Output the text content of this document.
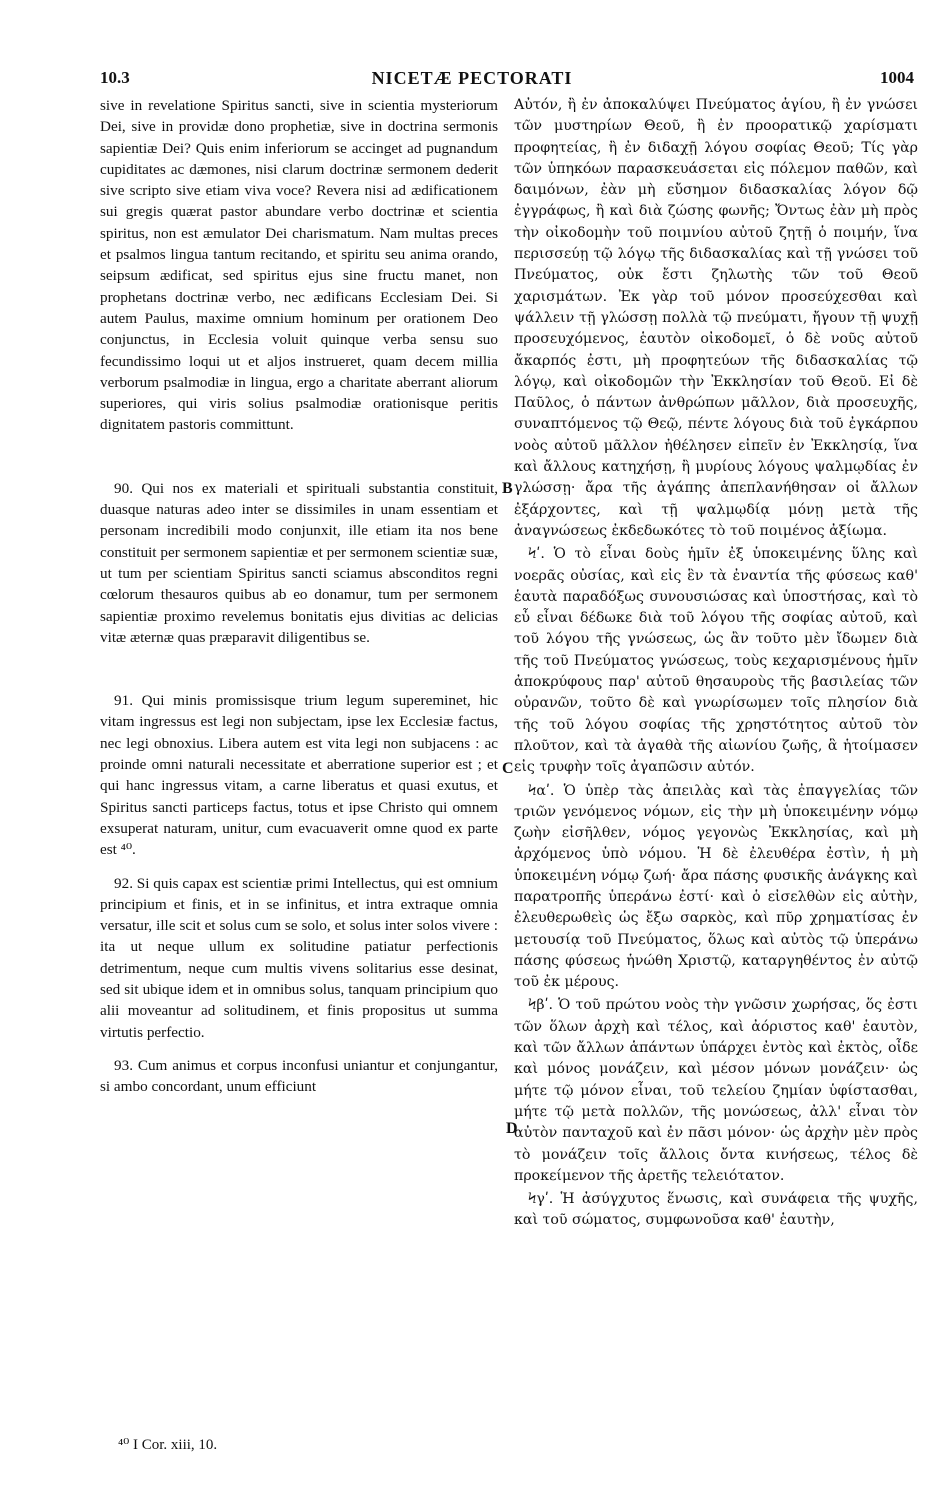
10.3	NICETÆ PECTORATI	1004

sive in revelatione Spiritus sancti, sive in scientia mysteriorum Dei, sive in providæ dono prophetiæ, sive in doctrina sermonis sapientiæ Dei? Quis enim inferiorum se accinget ad pugnandum cupiditates ac dæmones, nisi clarum doctrinæ sermonem dederit sive scripto sive etiam viva voce? Revera nisi ad ædificationem sui gregis quærat pastor abundare verbo doctrinæ et scientia spiritus, non est æmulator Dei charismatum. Nam multas preces et psalmos lingua tantum recitando, et spiritu seu anima orando, seipsum ædificat, sed spiritus ejus sine fructu manet, non prophetans doctrinæ verbo, nec ædificans Ecclesiam Dei. Si autem Paulus, maxime omnium hominum per orationem Deo conjunctus, in Ecclesia voluit quinque verba sensu suo fecundissimo loqui ut et aljos instrueret, quam decem millia verborum psalmodiæ in lingua, ergo a charitate aberrant aliorum superiores, qui viris solius psalmodiæ orationisque peritis dignitatem pastoris committunt.

90. Qui nos ex materiali et spirituali substantia constituit, duasque naturas adeo inter se dissimiles in unam essentiam et personam incredibili modo conjunxit, ille etiam ita nos bene constituit per sermonem sapientiæ et per sermonem scientiæ suæ, ut tum per scientiam Spiritus sancti sciamus absconditos regni cœlorum thesauros quibus ab eo donamur, tum per sermonem sapientiæ proximo revelemus bonitatis ejus divitias ac delicias vitæ æternæ quas præparavit diligentibus se.

91. Qui minis promissisque trium legum supereminet, hic vitam ingressus est legi non subjectam, ipse lex Ecclesiæ factus, nec legi obnoxius. Libera autem est vita legi non subjacens : ac proinde omni naturali necessitate et aberratione superior est ; et qui hanc ingressus vitam, a carne liberatus et quasi exutus, et Spiritus sancti particeps factus, totus et ipse Christo qui omnem exsuperat naturam, unitur, cum evacuaverit omne quod ex parte est ⁴⁰.

92. Si quis capax est scientiæ primi Intellectus, qui est omnium principium et finis, et in se infinitus, et intra extraque omnia versatur, ille scit et solus cum se solo, et solus inter solos vivere : ita ut neque ullum ex solitudine patiatur perfectionis detrimentum, neque cum multis vivens solitarius esse desinat, sed sit ubique idem et in omnibus solus, tanquam principium quo alii moveantur ad solitudinem, et finis propositus ut summa virtutis perfectio.

93. Cum animus et corpus inconfusi uniantur et conjungantur, si ambo concordant, unum efficiunt

Αὐτόν, ἢ ἐν ἀποκαλύψει Πνεύματος ἁγίου, ἢ ἐν γνώσει τῶν μυστηρίων Θεοῦ, ἢ ἐν προορατικῷ χαρίσματι προφητείας, ἢ ἐν διδαχῇ λόγου σοφίας Θεοῦ; Τίς γὰρ τῶν ὑπηκόων παρασκευάσεται εἰς πόλεμον παθῶν, καὶ δαιμόνων, ἐὰν μὴ εὔσημον διδασκαλίας λόγον δῷ ἐγγράφως, ἢ καὶ διὰ ζώσης φωνῆς; Ὄντως ἐὰν μὴ πρὸς τὴν οἰκοδομὴν τοῦ ποιμνίου αὐτοῦ ζητῇ ὁ ποιμήν, ἵνα περισσεύῃ τῷ λόγῳ τῆς διδασκαλίας καὶ τῇ γνώσει τοῦ Πνεύματος, οὐκ ἔστι ζηλωτὴς τῶν τοῦ Θεοῦ χαρισμάτων. Ἐκ γὰρ τοῦ μόνον προσεύχεσθαι καὶ ψάλλειν τῇ γλώσσῃ πολλὰ τῷ πνεύματι, ἤγουν τῇ ψυχῇ προσευχόμενος, ἑαυτὸν οἰκοδομεῖ, ὁ δὲ νοῦς αὐτοῦ ἄκαρπός ἐστι, μὴ προφητεύων τῆς διδασκαλίας τῷ λόγῳ, καὶ οἰκοδομῶν τὴν Ἐκκλησίαν τοῦ Θεοῦ. Εἰ δὲ Παῦλος, ὁ πάντων ἀνθρώπων μᾶλλον, διὰ προσευχῆς, συναπτόμενος τῷ Θεῷ, πέντε λόγους διὰ τοῦ ἐγκάρπου νοὸς αὐτοῦ μᾶλλον ἠθέλησεν εἰπεῖν ἐν Ἐκκλησίᾳ, ἵνα καὶ ἄλλους κατηχήσῃ, ἢ μυρίους λόγους ψαλμῳδίας ἐν γλώσσῃ· ἄρα τῆς ἀγάπης ἀπεπλανήθησαν οἱ ἄλλων ἐξάρχοντες, καὶ τῇ ψαλμῳδίᾳ μόνῃ μετὰ τῆς ἀναγνώσεως ἐκδεδωκότες τὸ τοῦ ποιμένος ἀξίωμα.

Ϟʹ. Ὁ τὸ εἶναι δοὺς ἡμῖν ἐξ ὑποκειμένης ὕλης καὶ νοερᾶς οὐσίας, καὶ εἰς ἓν τὰ ἐναντία τῆς φύσεως καθ' ἑαυτὰ παραδόξως συνουσιώσας καὶ ὑποστήσας, καὶ τὸ εὖ εἶναι δέδωκε διὰ τοῦ λόγου τῆς σοφίας αὐτοῦ, καὶ τοῦ λόγου τῆς γνώσεως, ὡς ἂν τοῦτο μὲν ἴδωμεν διὰ τῆς τοῦ Πνεύματος γνώσεως, τοὺς κεχαρισμένους ἡμῖν ἀποκρύφους παρ' αὐτοῦ θησαυροὺς τῆς βασιλείας τῶν οὐρανῶν, τοῦτο δὲ καὶ γνωρίσωμεν τοῖς πλησίον διὰ τῆς τοῦ λόγου σοφίας τῆς χρηστότητος αὐτοῦ τὸν πλοῦτον, καὶ τὰ ἀγαθὰ τῆς αἰωνίου ζωῆς, ἃ ἡτοίμασεν εἰς τρυφὴν τοῖς ἀγαπῶσιν αὐτόν.

Ϟαʹ. Ὁ ὑπὲρ τὰς ἀπειλὰς καὶ τὰς ἐπαγγελίας τῶν τριῶν γενόμενος νόμων, εἰς τὴν μὴ ὑποκειμένην νόμῳ ζωὴν εἰσῆλθεν, νόμος γεγονὼς Ἐκκλησίας, καὶ μὴ ἀρχόμενος ὑπὸ νόμου. Ἡ δὲ ἐλευθέρα ἐστὶν, ἡ μὴ ὑποκειμένη νόμῳ ζωή· ἄρα πάσης φυσικῆς ἀνάγκης καὶ παρατροπῆς ὑπεράνω ἐστί· καὶ ὁ εἰσελθὼν εἰς αὐτὴν, ἐλευθερωθεὶς ὡς ἔξω σαρκὸς, καὶ πῦρ χρηματίσας ἐν μετουσίᾳ τοῦ Πνεύματος, ὅλως καὶ αὐτὸς τῷ ὑπεράνω πάσης φύσεως ἡνώθη Χριστῷ, καταργηθέντος ἐν αὐτῷ τοῦ ἐκ μέρους.

Ϟβʹ. Ὁ τοῦ πρώτου νοὸς τὴν γνῶσιν χωρήσας, ὅς ἐστι τῶν ὅλων ἀρχὴ καὶ τέλος, καὶ ἀόριστος καθ' ἑαυτὸν, καὶ τῶν ἄλλων ἁπάντων ὑπάρχει ἐντὸς καὶ ἐκτὸς, οἶδε καὶ μόνος μονάζειν, καὶ μέσον μόνων μονάζειν· ὡς μήτε τῷ μόνον εἶναι, τοῦ τελείου ζημίαν ὑφίστασθαι, μήτε τῷ μετὰ πολλῶν, τῆς μονώσεως, ἀλλ' εἶναι τὸν αὐτὸν πανταχοῦ καὶ ἐν πᾶσι μόνον· ὡς ἀρχὴν μὲν πρὸς τὸ μονάζειν τοῖς ἄλλοις ὄντα κινήσεως, τέλος δὲ προκείμενον τῆς ἀρετῆς τελειότατον.

Ϟγʹ. Ἡ ἀσύγχυτος ἕνωσις, καὶ συνάφεια τῆς ψυχῆς, καὶ τοῦ σώματος, συμφωνοῦσα καθ' ἑαυτὴν,

B
C
D
⁴⁰ I Cor. xiii, 10.
